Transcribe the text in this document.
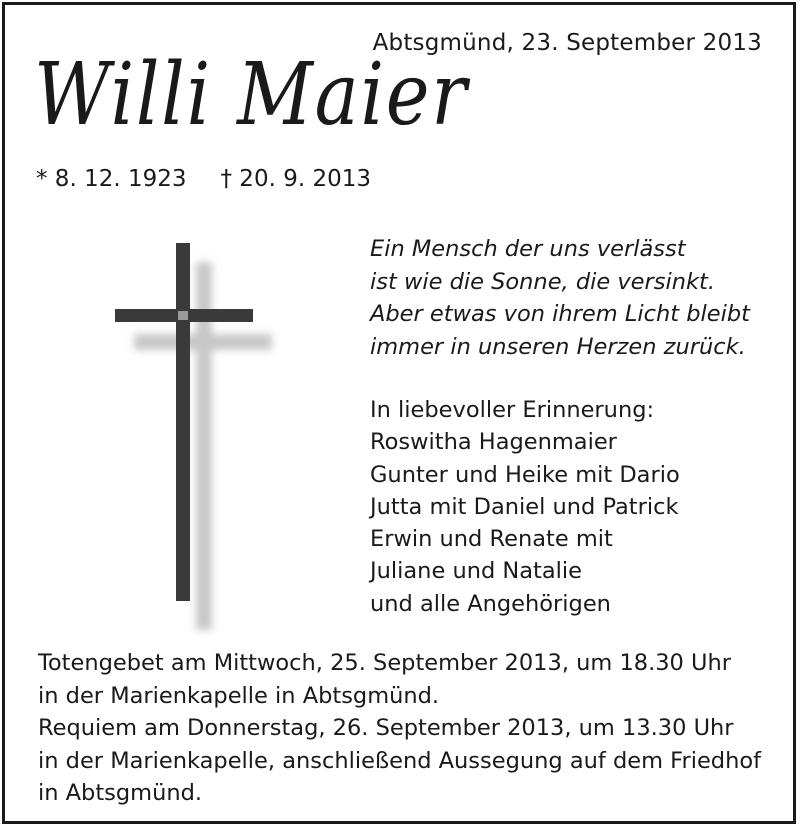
Abtsgmünd, 23. September 2013
Willi Maier
* 8. 12. 1923 † 20. 9. 2013
Ein Mensch der uns verlässt
ist wie die Sonne, die versinkt.
Aber etwas von ihrem Licht bleibt
immer in unseren Herzen zurück.
In liebevoller Erinnerung:
Roswitha Hagenmaier
Gunter und Heike mit Dario
Jutta mit Daniel und Patrick
Erwin und Renate mit
Juliane und Natalie
und alle Angehörigen
Totengebet am Mittwoch, 25. September 2013, um 18.30 Uhr
in der Marienkapelle in Abtsgmünd.
Requiem am Donnerstag, 26. September 2013, um 13.30 Uhr
in der Marienkapelle, anschließend Aussegung auf dem Friedhof
in Abtsgmünd.
